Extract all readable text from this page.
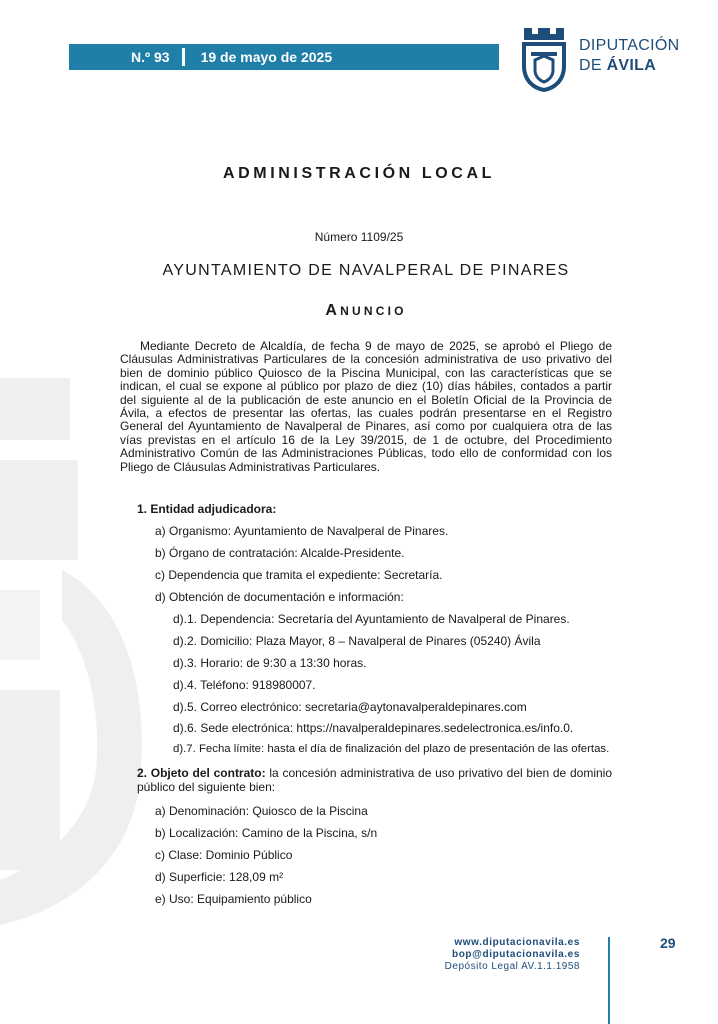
N.º 93 19 de mayo de 2025
DIPUTACIÓN
DE ÁVILA
ADMINISTRACIÓN LOCAL
Número 1109/25
AYUNTAMIENTO DE NAVALPERAL DE PINARES
ANUNCIO
Mediante Decreto de Alcaldía, de fecha 9 de mayo de 2025, se aprobó el Pliego de Cláusulas Administrativas Particulares de la concesión administrativa de uso privativo del bien de dominio público Quiosco de la Piscina Municipal, con las características que se indican, el cual se expone al público por plazo de diez (10) días hábiles, contados a partir del siguiente al de la publicación de este anuncio en el Boletín Oficial de la Provincia de Ávila, a efectos de presentar las ofertas, las cuales podrán presentarse en el Registro General del Ayuntamiento de Navalperal de Pinares, así como por cualquiera otra de las vías previstas en el artículo 16 de la Ley 39/2015, de 1 de octubre, del Procedimiento Administrativo Común de las Administraciones Públicas, todo ello de conformidad con los Pliego de Cláusulas Administrativas Particulares.
1. Entidad adjudicadora:
a) Organismo: Ayuntamiento de Navalperal de Pinares.
b) Órgano de contratación: Alcalde-Presidente.
c) Dependencia que tramita el expediente: Secretaría.
d) Obtención de documentación e información:
d).1. Dependencia: Secretaría del Ayuntamiento de Navalperal de Pinares.
d).2. Domicilio: Plaza Mayor, 8 – Navalperal de Pinares (05240) Ávila
d).3. Horario: de 9:30 a 13:30 horas.
d).4. Teléfono: 918980007.
d).5. Correo electrónico: secretaria@aytonavalperaldepinares.com
d).6. Sede electrónica: https://navalperaldepinares.sedelectronica.es/info.0.
d).7. Fecha límite: hasta el día de finalización del plazo de presentación de las ofertas.
2. Objeto del contrato: la concesión administrativa de uso privativo del bien de dominio público del siguiente bien:
a) Denominación: Quiosco de la Piscina
b) Localización: Camino de la Piscina, s/n
c) Clase: Dominio Público
d) Superficie: 128,09 m²
e) Uso: Equipamiento público
www.diputacionavila.es
bop@diputacionavila.es
Depósito Legal AV.1.1.1958
29
